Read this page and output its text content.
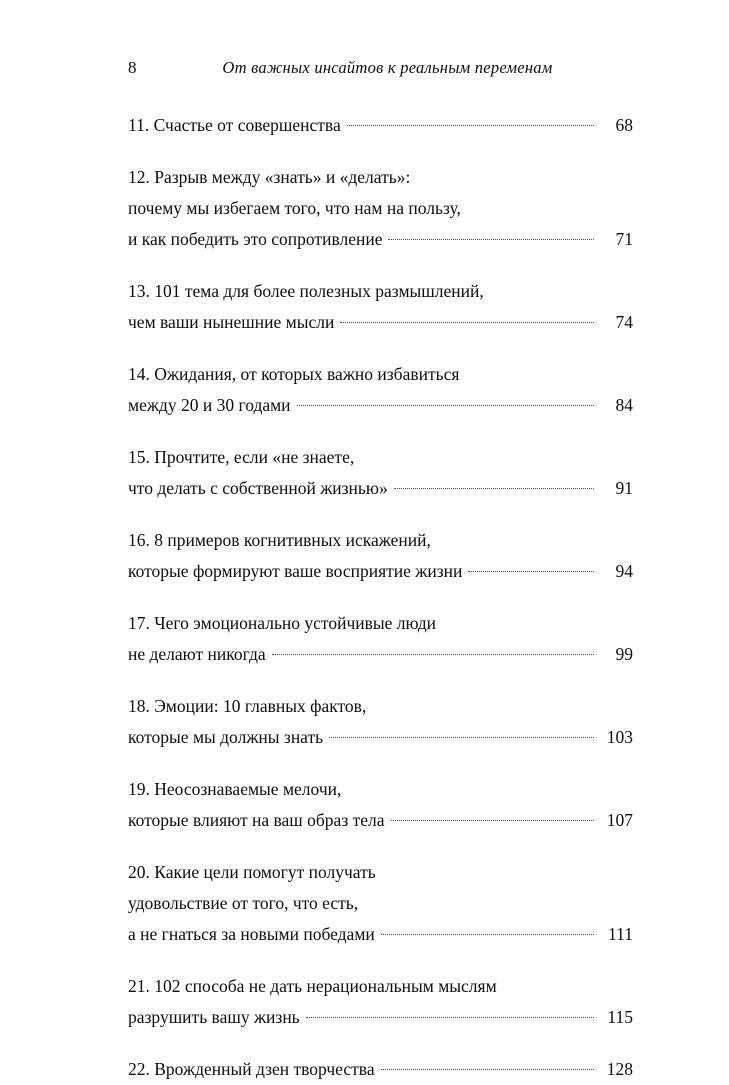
8	От важных инсайтов к реальным переменам
11. Счастье от совершенства	68
12. Разрыв между «знать» и «делать»:
почему мы избегаем того, что нам на пользу,
и как победить это сопротивление	71
13. 101 тема для более полезных размышлений,
чем ваши нынешние мысли	74
14. Ожидания, от которых важно избавиться
между 20 и 30 годами	84
15. Прочтите, если «не знаете,
что делать с собственной жизнью»	91
16. 8 примеров когнитивных искажений,
которые формируют ваше восприятие жизни	94
17. Чего эмоционально устойчивые люди
не делают никогда	99
18. Эмоции: 10 главных фактов,
которые мы должны знать	103
19. Неосознаваемые мелочи,
которые влияют на ваш образ тела	107
20. Какие цели помогут получать
удовольствие от того, что есть,
а не гнаться за новыми победами	111
21. 102 способа не дать нерациональным мыслям
разрушить вашу жизнь	115
22. Врожденный дзен творчества	128
